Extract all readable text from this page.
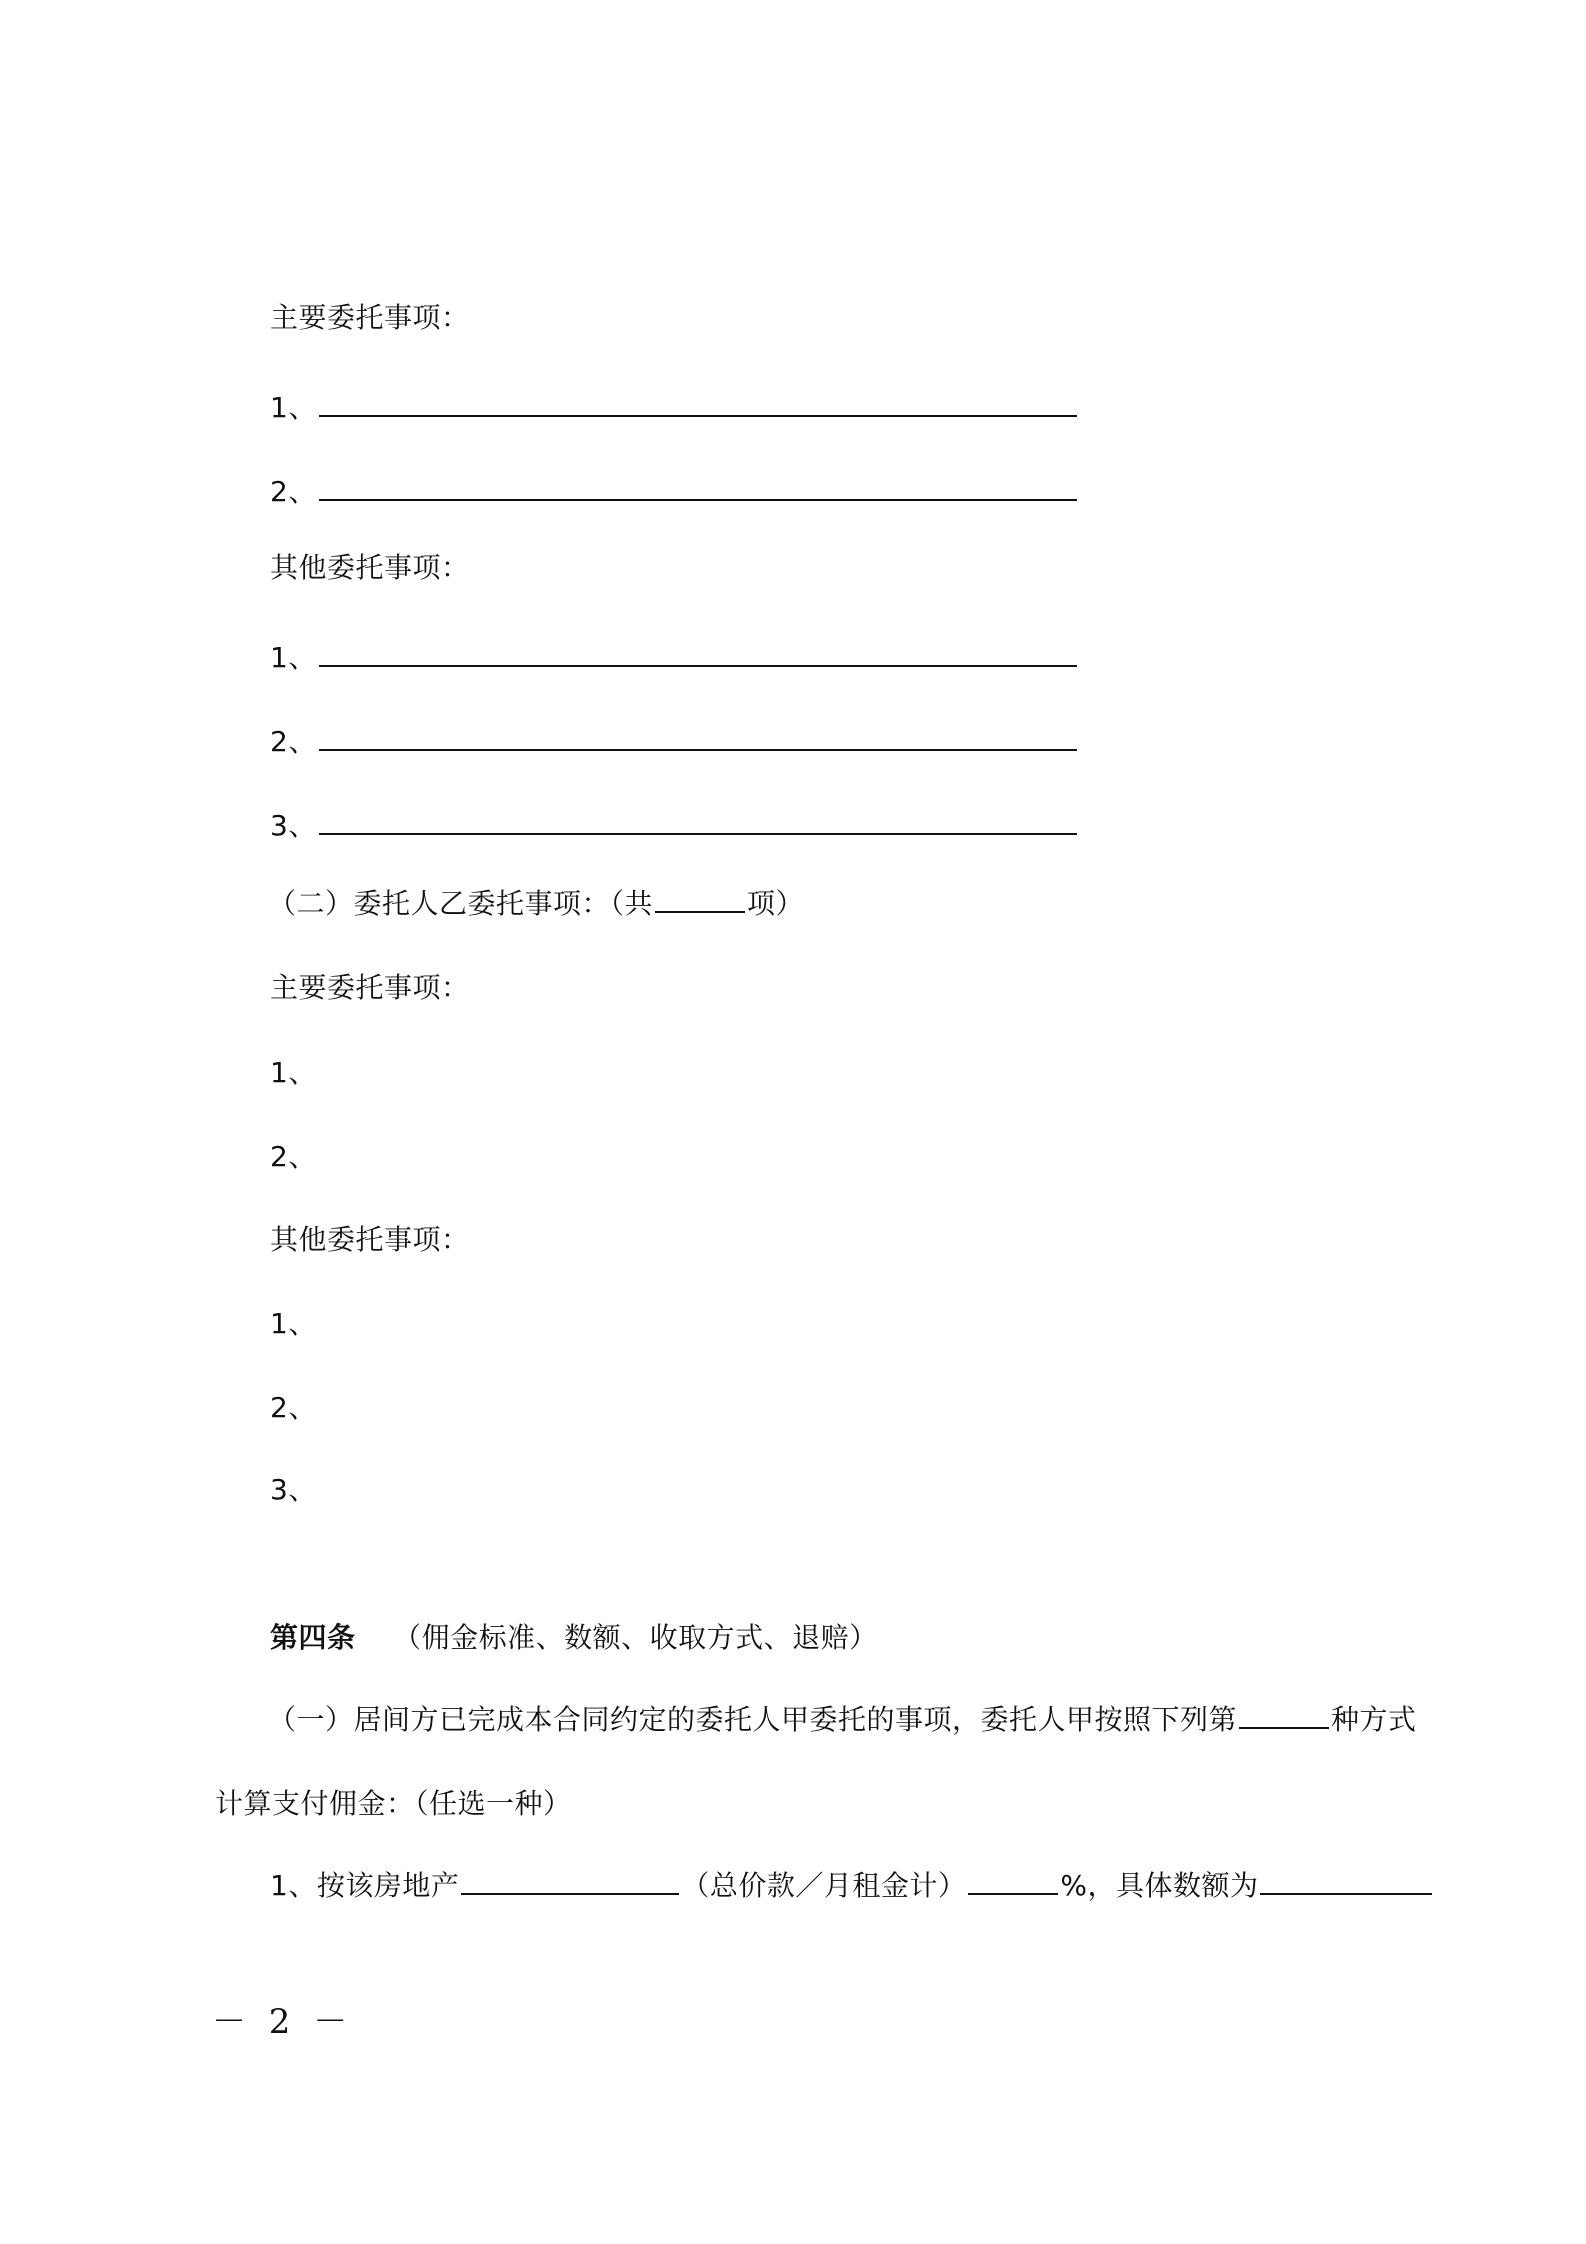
主要委托事项：
1、
2、
其他委托事项：
1、
2、
3、
（二）委托人乙委托事项：（共	项）
主要委托事项：
1、
2、
其他委托事项：
1、
2、
3、
第四条 （佣金标准、数额、收取方式、退赔）
（一）居间方已完成本合同约定的委托人甲委托的事项，委托人甲按照下列第	种方式
计算支付佣金：（任选一种）
1、按该房地产	（总价款／月租金计）	%，具体数额为
－ 2 －
